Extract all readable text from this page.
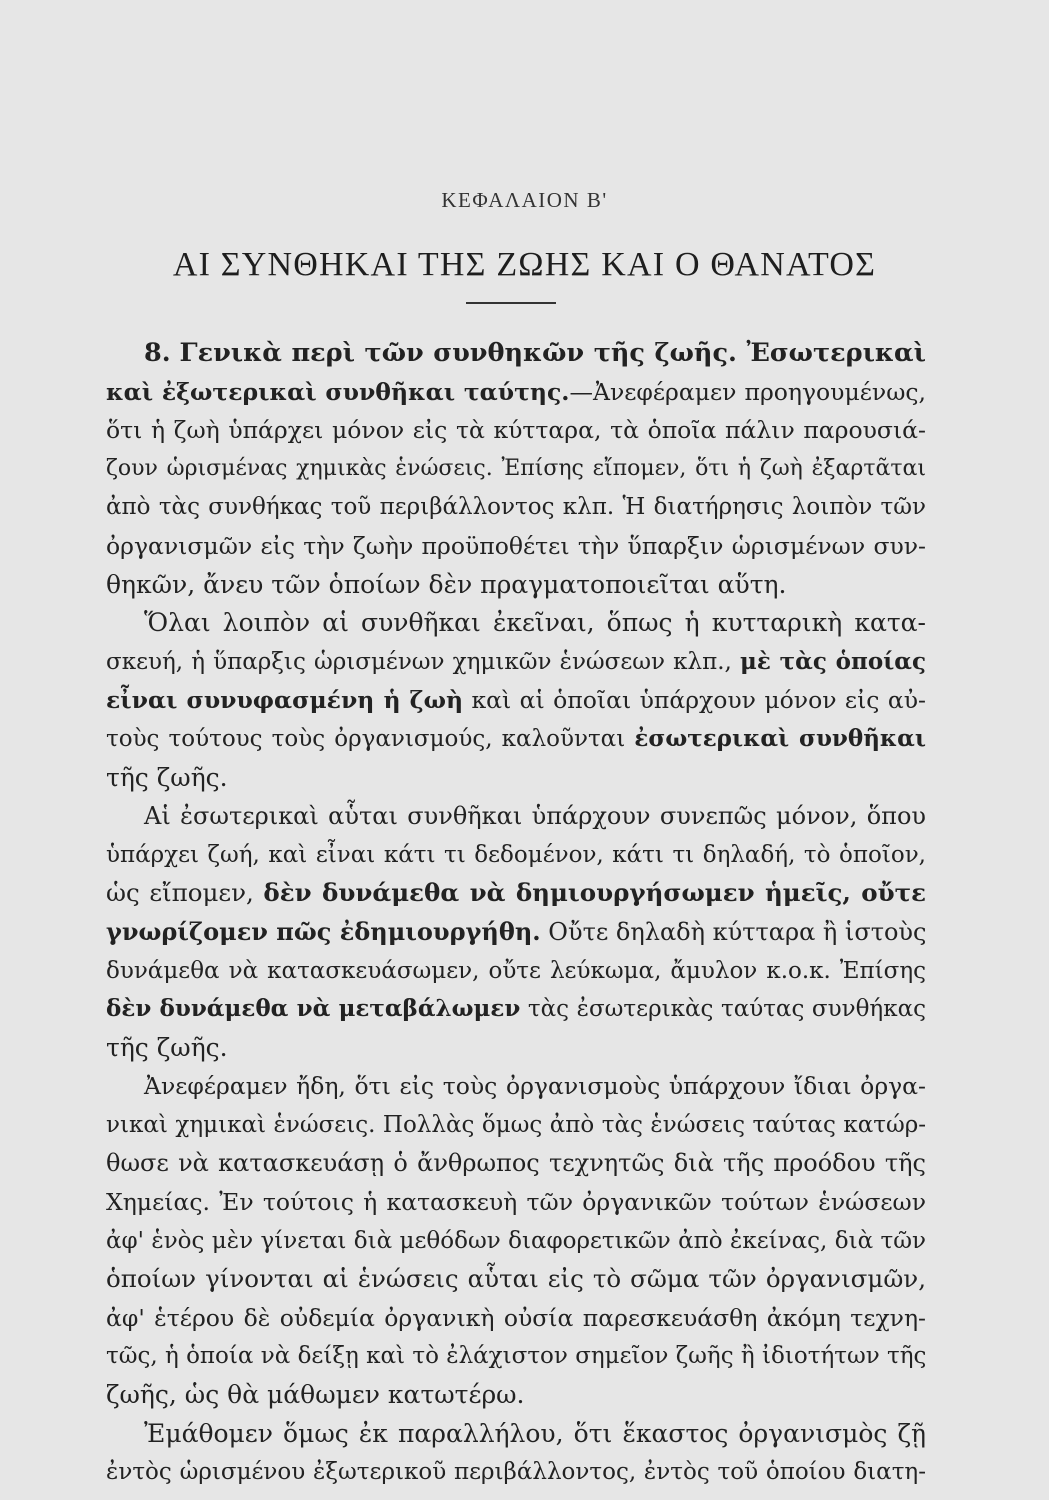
ΚΕΦΑΛΑΙΟΝ Β'
ΑΙ ΣΥΝΘΗΚΑΙ ΤΗΣ ΖΩΗΣ ΚΑΙ Ο ΘΑΝΑΤΟΣ
8. Γενικὰ περὶ τῶν συνθηκῶν τῆς ζωῆς. Ἐσωτερικαὶ
καὶ ἐξωτερικαὶ συνθῆκαι ταύτης.—Ἀνεφέραμεν προηγουμένως,
ὅτι ἡ ζωὴ ὑπάρχει μόνον εἰς τὰ κύτταρα, τὰ ὁποῖα πάλιν παρουσιά-
ζουν ὡρισμένας χημικὰς ἑνώσεις. Ἐπίσης εἴπομεν, ὅτι ἡ ζωὴ ἐξαρτᾶται
ἀπὸ τὰς συνθήκας τοῦ περιβάλλοντος κλπ. Ἡ διατήρησις λοιπὸν τῶν
ὀργανισμῶν εἰς τὴν ζωὴν προϋποθέτει τὴν ὕπαρξιν ὡρισμένων συν-
θηκῶν, ἄνευ τῶν ὁποίων δὲν πραγματοποιεῖται αὕτη.
Ὅλαι λοιπὸν αἱ συνθῆκαι ἐκεῖναι, ὅπως ἡ κυτταρικὴ κατα-
σκευή, ἡ ὕπαρξις ὡρισμένων χημικῶν ἑνώσεων κλπ., μὲ τὰς ὁποίας
εἶναι συνυφασμένη ἡ ζωὴ καὶ αἱ ὁποῖαι ὑπάρχουν μόνον εἰς αὐ-
τοὺς τούτους τοὺς ὀργανισμούς, καλοῦνται ἐσωτερικαὶ συνθῆκαι
τῆς ζωῆς.
Αἱ ἐσωτερικαὶ αὗται συνθῆκαι ὑπάρχουν συνεπῶς μόνον, ὅπου
ὑπάρχει ζωή, καὶ εἶναι κάτι τι δεδομένον, κάτι τι δηλαδή, τὸ ὁποῖον,
ὡς εἴπομεν, δὲν δυνάμεθα νὰ δημιουργήσωμεν ἡμεῖς, οὔτε
γνωρίζομεν πῶς ἐδημιουργήθη. Οὔτε δηλαδὴ κύτταρα ἢ ἱστοὺς
δυνάμεθα νὰ κατασκευάσωμεν, οὔτε λεύκωμα, ἄμυλον κ.ο.κ. Ἐπίσης
δὲν δυνάμεθα νὰ μεταβάλωμεν τὰς ἐσωτερικὰς ταύτας συνθήκας
τῆς ζωῆς.
Ἀνεφέραμεν ἤδη, ὅτι εἰς τοὺς ὀργανισμοὺς ὑπάρχουν ἴδιαι ὀργα-
νικαὶ χημικαὶ ἑνώσεις. Πολλὰς ὅμως ἀπὸ τὰς ἑνώσεις ταύτας κατώρ-
θωσε νὰ κατασκευάσῃ ὁ ἄνθρωπος τεχνητῶς διὰ τῆς προόδου τῆς
Χημείας. Ἐν τούτοις ἡ κατασκευὴ τῶν ὀργανικῶν τούτων ἑνώσεων
ἀφ' ἑνὸς μὲν γίνεται διὰ μεθόδων διαφορετικῶν ἀπὸ ἐκείνας, διὰ τῶν
ὁποίων γίνονται αἱ ἑνώσεις αὗται εἰς τὸ σῶμα τῶν ὀργανισμῶν,
ἀφ' ἑτέρου δὲ οὐδεμία ὀργανικὴ οὐσία παρεσκευάσθη ἀκόμη τεχνη-
τῶς, ἡ ὁποία νὰ δείξῃ καὶ τὸ ἐλάχιστον σημεῖον ζωῆς ἢ ἰδιοτήτων τῆς
ζωῆς, ὡς θὰ μάθωμεν κατωτέρω.
Ἐμάθομεν ὅμως ἐκ παραλλήλου, ὅτι ἕκαστος ὀργανισμὸς ζῇ
ἐντὸς ὡρισμένου ἐξωτερικοῦ περιβάλλοντος, ἐντὸς τοῦ ὁποίου διατη-
